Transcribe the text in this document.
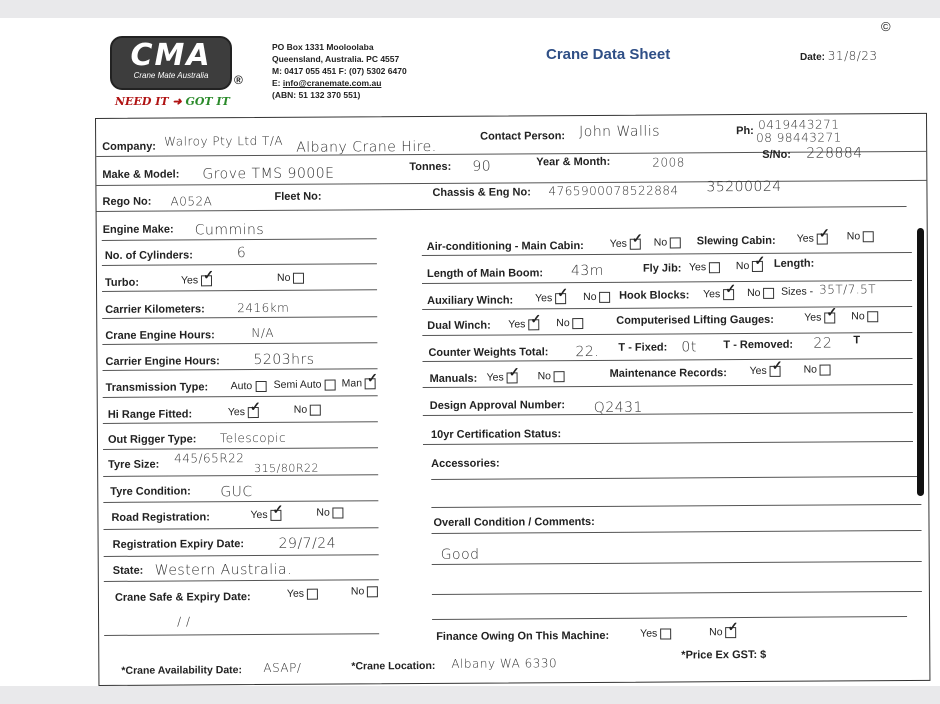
©
CMA
Crane Mate Australia	®
NEED IT ➜ GOT IT
PO Box 1331 Mooloolaba
Queensland, Australia. PC 4557
M: 0417 055 451 F: (07) 5302 6470
E: info@cranemate.com.au
(ABN: 51 132 370 551)
Crane Data Sheet	Date: 31/8/23
Company: Walroy Pty Ltd T/A Albany Crane Hire.
Contact Person: John Wallis	Ph: 0419443271
08 98443271
Make & Model: Grove TMS 9000E	Tonnes: 90	Year & Month:	2008
S/No: 228884
Rego No: A052A	Fleet No:	Chassis & Eng No: 4765900078522884 35200024
Engine Make: Cummins
No. of Cylinders:	6
Turbo:	Yes ✓	No
Carrier Kilometers:	2416km
Crane Engine Hours:	N/A
Carrier Engine Hours: 5203hrs
Transmission Type: Auto	Semi Auto	Man✓
Hi Range Fitted:	Yes ✓	No
Out Rigger Type: Telescopic
Tyre Size: 445/65R22
315/80R22
Tyre Condition: GUC
Road Registration:	Yes ✓	No
Registration Expiry Date: 29/7/24
State: Western Australia.
Crane Safe & Expiry Date:	Yes	No
/ /
Air-conditioning - Main Cabin: Yes ✓	No	Slewing Cabin: Yes ✓	No
Length of Main Boom: 43m	Fly Jib: Yes	No ✓	Length:
Auxiliary Winch: Yes ✓	No	Hook Blocks: Yes ✓	No	Sizes - 35T/7.5T
Dual Winch: Yes ✓	No	Computerised Lifting Gauges:	Yes ✓	No
Counter Weights Total: 22. T - Fixed: 0t T - Removed: 22 T
Manuals: Yes ✓	No	Maintenance Records: Yes ✓	No
Design Approval Number: Q2431
10yr Certification Status:
Accessories:
Overall Condition / Comments:
Good
Finance Owing On This Machine:	Yes	No✓
*Crane Availability Date: ASAP/	*Crane Location: Albany WA 6330
*Price Ex GST: $
